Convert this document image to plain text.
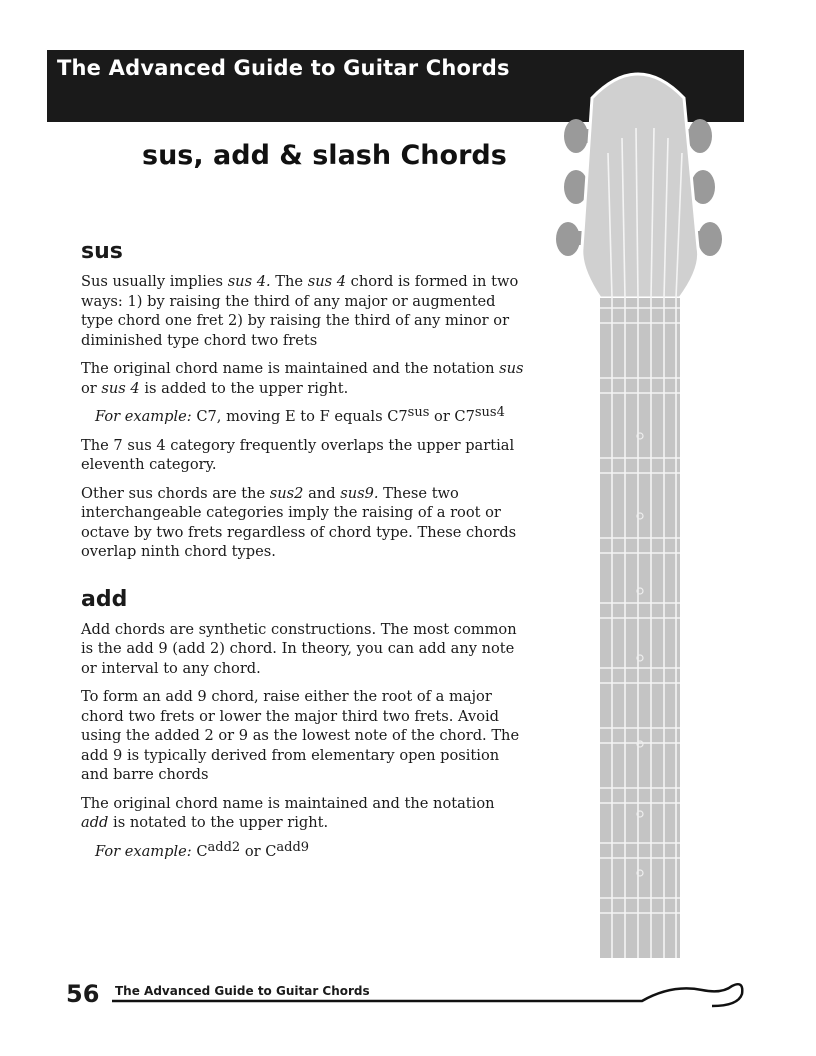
The Advanced Guide to Guitar Chords
sus, add & slash Chords
sus

Sus usually implies sus 4. The sus 4 chord is formed in two ways: 1) by raising the third of any major or augmented type chord one fret 2) by raising the third of any minor or diminished type chord two frets

The original chord name is maintained and the notation sus or sus 4 is added to the upper right.

For example: C7, moving E to F equals $C7^{sus}$ or $C7^{sus4}$

The 7 sus 4 category frequently overlaps the upper partial eleventh category.

Other sus chords are the sus2 and sus9. These two interchangeable categories imply the raising of a root or octave by two frets regardless of chord type. These chords overlap ninth chord types.

add

Add chords are synthetic constructions. The most common is the add 9 (add 2) chord. In theory, you can add any note or interval to any chord.

To form an add 9 chord, raise either the root of a major chord two frets or lower the major third two frets. Avoid using the added 2 or 9 as the lowest note of the chord. The add 9 is typically derived from elementary open position and barre chords

The original chord name is maintained and the notation add is notated to the upper right.

For example: $C^{add2}$ or $C^{add9}$

56 The Advanced Guide to Guitar Chords
